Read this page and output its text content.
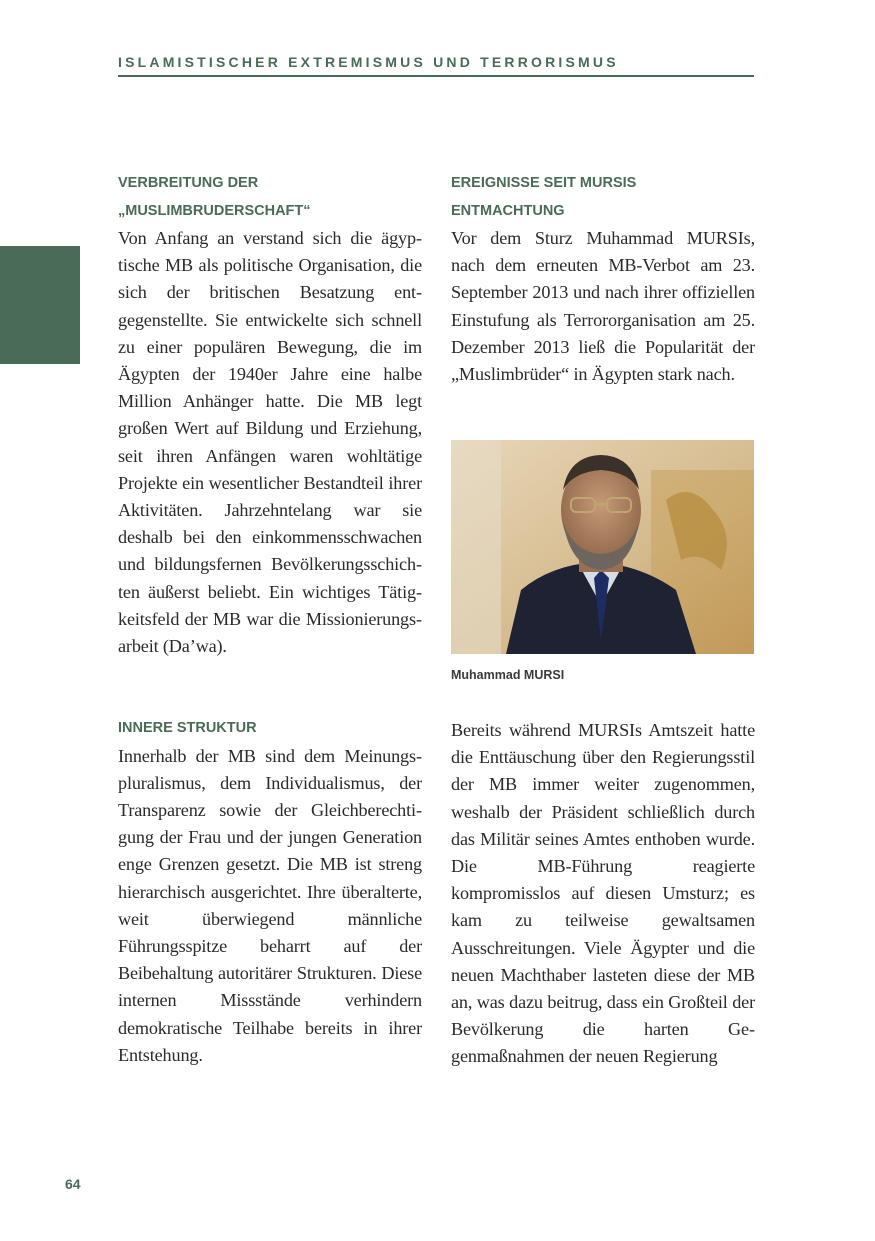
ISLAMISTISCHER EXTREMISMUS UND TERRORISMUS
VERBREITUNG DER
„MUSLIMBRUDERSCHAFT“
Von Anfang an verstand sich die ägyptische MB als politische Organisation, die sich der britischen Besatzung entgegenstellte. Sie entwickelte sich schnell zu einer populären Bewegung, die im Ägypten der 1940er Jahre eine halbe Million Anhänger hatte. Die MB legt großen Wert auf Bildung und Erziehung, seit ihren Anfängen waren wohltätige Projekte ein wesentlicher Bestandteil ihrer Aktivitäten. Jahrzehntelang war sie deshalb bei den einkommensschwachen und bildungsfernen Bevölkerungsschichten äußerst beliebt. Ein wichtiges Tätigkeitsfeld der MB war die Missionierungsarbeit (Da’wa).
INNERE STRUKTUR
Innerhalb der MB sind dem Meinungspluralismus, dem Individualismus, der Transparenz sowie der Gleichberechtigung der Frau und der jungen Generation enge Grenzen gesetzt. Die MB ist streng hierarchisch ausgerichtet. Ihre überalterte, weit überwiegend männliche Führungsspitze beharrt auf der Beibehaltung autoritärer Strukturen. Diese internen Missstände verhindern demokratische Teilhabe bereits in ihrer Entstehung.
EREIGNISSE SEIT MURSIS
ENTMACHTUNG
Vor dem Sturz Muhammad MURSIs, nach dem erneuten MB-Verbot am 23. September 2013 und nach ihrer offiziellen Einstufung als Terrororganisation am 25. Dezember 2013 ließ die Popularität der „Muslimbrüder“ in Ägypten stark nach.
Muhammad MURSI
Bereits während MURSIs Amtszeit hatte die Enttäuschung über den Regierungsstil der MB immer weiter zugenommen, weshalb der Präsident schließlich durch das Militär seines Amtes enthoben wurde. Die MB-Führung reagierte kompromisslos auf diesen Umsturz; es kam zu teilweise gewaltsamen Ausschreitungen. Viele Ägypter und die neuen Machthaber lasteten diese der MB an, was dazu beitrug, dass ein Großteil der Bevölkerung die harten Gegenmaßnahmen der neuen Regierung
64
